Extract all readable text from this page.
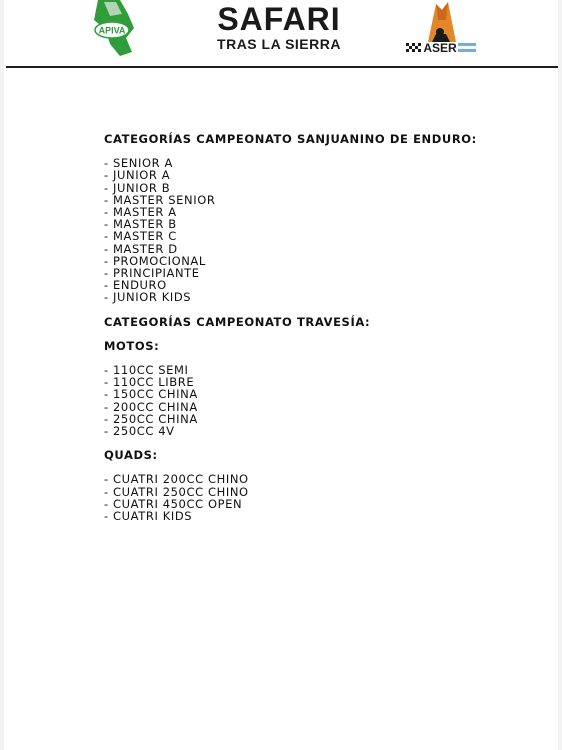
APIVA	SAFARI
TRAS LA SIERRA	ASER

CATEGORÍAS CAMPEONATO SANJUANINO DE ENDURO:

- SENIOR A
- JUNIOR A
- JUNIOR B
- MASTER SENIOR
- MASTER A
- MASTER B
- MASTER C
- MASTER D
- PROMOCIONAL
- PRINCIPIANTE
- ENDURO
- JUNIOR KIDS

CATEGORÍAS CAMPEONATO TRAVESÍA:

MOTOS:

- 110CC SEMI
- 110CC LIBRE
- 150CC CHINA
- 200CC CHINA
- 250CC CHINA
- 250CC 4V

QUADS:

- CUATRI 200CC CHINO
- CUATRI 250CC CHINO
- CUATRI 450CC OPEN
- CUATRI KIDS
